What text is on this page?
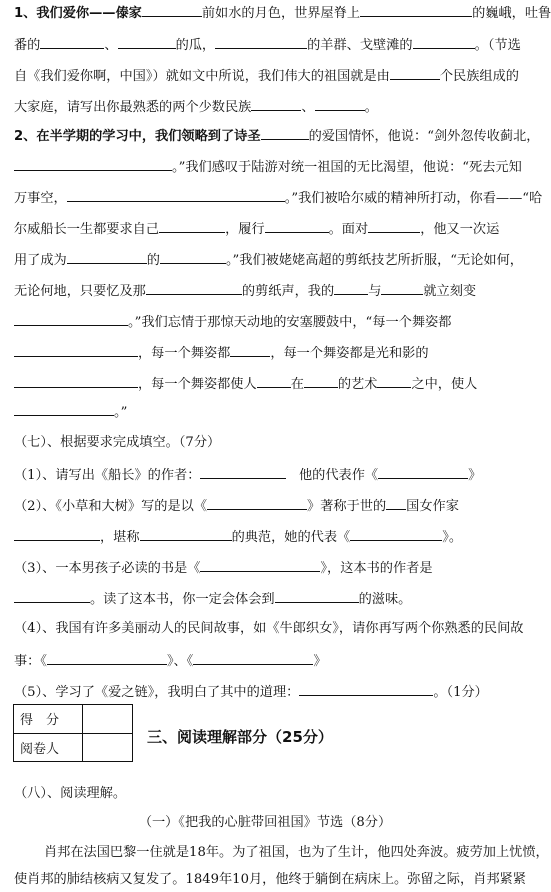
1、我们爱你——傣家	前如水的月色，世界屋脊上	的巍峨，吐鲁
番的	、	的瓜，	的羊群、戈壁滩的	。（节选
自《我们爱你啊，中国》）就如文中所说，我们伟大的祖国就是由	个民族组成的
大家庭，请写出你最熟悉的两个少数民族	、	。
2、在半学期的学习中，我们领略到了诗圣	的爱国情怀，他说：“剑外忽传收蓟北，
。”我们感叹于陆游对统一祖国的无比渴望，他说：“死去元知
万事空，	。”我们被哈尔威的精神所打动，你看——“哈
尔威船长一生都要求自己	，履行	。面对	，他又一次运
用了成为	的	。”我们被姥姥高超的剪纸技艺所折服，“无论如何，
无论何地，只要忆及那	的剪纸声，我的	与	就立刻变
。”我们忘情于那惊天动地的安塞腰鼓中，“每一个舞姿都
，每一个舞姿都	，每一个舞姿都是光和影的
，每一个舞姿都使人	在	的艺术	之中，使人
。”
（七）、根据要求完成填空。（7分）
（1）、请写出《船长》的作者：	他的代表作《	》
（2）、《小草和大树》写的是以《	》著称于世的 国女作家
，堪称	的典范，她的代表《	》。
（3）、一本男孩子必读的书是《	》，这本书的作者是
。读了这本书，你一定会体会到	的滋味。
（4）、我国有许多美丽动人的民间故事，如《牛郎织女》，请你再写两个你熟悉的民间故
事：《	》、《	》
（5）、学习了《爱之链》，我明白了其中的道理：	。（1分）
得　分	
阅卷人	
三、阅读理解部分（25分）
（八）、阅读理解。
（一）《把我的心脏带回祖国》节选（8分）
肖邦在法国巴黎一住就是18年。为了祖国，也为了生计，他四处奔波。疲劳加上忧愤，
使肖邦的肺结核病又复发了。1849年10月，他终于躺倒在病床上。弥留之际，肖邦紧紧
